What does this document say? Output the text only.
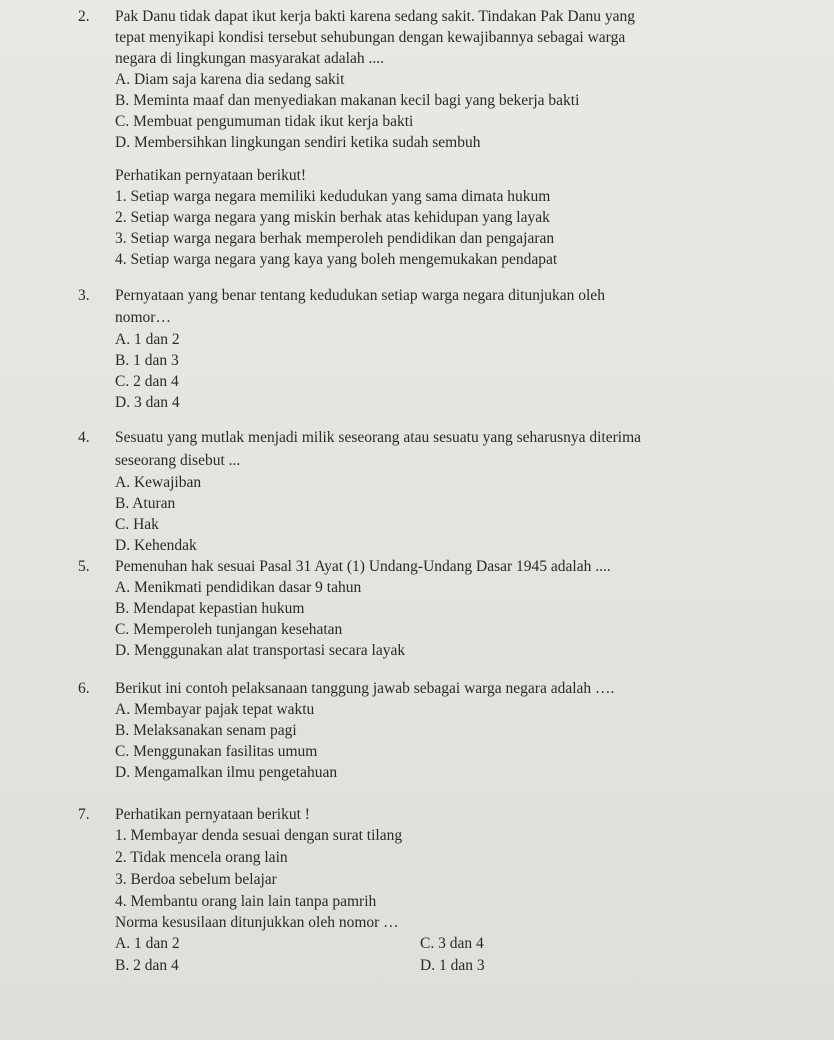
2. Pak Danu tidak dapat ikut kerja bakti karena sedang sakit. Tindakan Pak Danu yang
tepat menyikapi kondisi tersebut sehubungan dengan kewajibannya sebagai warga
negara di lingkungan masyarakat adalah ....
A. Diam saja karena dia sedang sakit
B. Meminta maaf dan menyediakan makanan kecil bagi yang bekerja bakti
C. Membuat pengumuman tidak ikut kerja bakti
D. Membersihkan lingkungan sendiri ketika sudah sembuh
Perhatikan pernyataan berikut!
1. Setiap warga negara memiliki kedudukan yang sama dimata hukum
2. Setiap warga negara yang miskin berhak atas kehidupan yang layak
3. Setiap warga negara berhak memperoleh pendidikan dan pengajaran
4. Setiap warga negara yang kaya yang boleh mengemukakan pendapat
3. Pernyataan yang benar tentang kedudukan setiap warga negara ditunjukan oleh
nomor…
A. 1 dan 2
B. 1 dan 3
C. 2 dan 4
D. 3 dan 4
4. Sesuatu yang mutlak menjadi milik seseorang atau sesuatu yang seharusnya diterima
seseorang disebut ...
A. Kewajiban
B. Aturan
C. Hak
D. Kehendak
5. Pemenuhan hak sesuai Pasal 31 Ayat (1) Undang-Undang Dasar 1945 adalah ....
A. Menikmati pendidikan dasar 9 tahun
B. Mendapat kepastian hukum
C. Memperoleh tunjangan kesehatan
D. Menggunakan alat transportasi secara layak
6. Berikut ini contoh pelaksanaan tanggung jawab sebagai warga negara adalah ….
A. Membayar pajak tepat waktu
B. Melaksanakan senam pagi
C. Menggunakan fasilitas umum
D. Mengamalkan ilmu pengetahuan
7. Perhatikan pernyataan berikut !
1. Membayar denda sesuai dengan surat tilang
2. Tidak mencela orang lain
3. Berdoa sebelum belajar
4. Membantu orang lain lain tanpa pamrih
Norma kesusilaan ditunjukkan oleh nomor …
A. 1 dan 2	C. 3 dan 4
B. 2 dan 4	D. 1 dan 3
